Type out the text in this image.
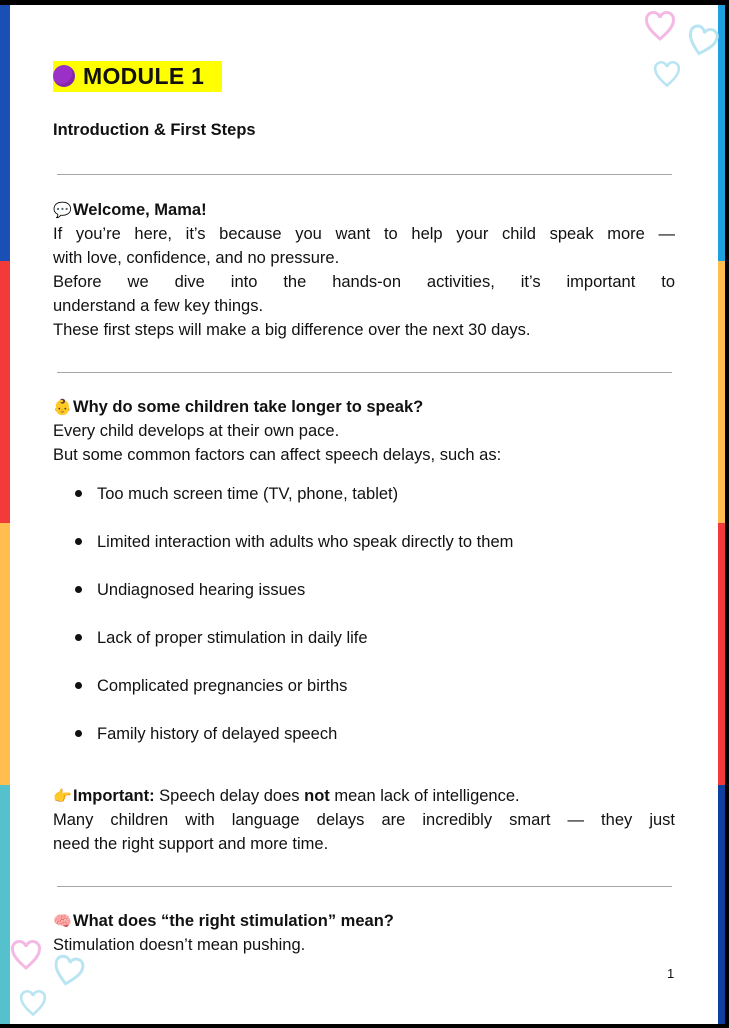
MODULE 1
Introduction & First Steps
💬Welcome, Mama!
If you’re here, it’s because you want to help your child speak more —
with love, confidence, and no pressure.
Before we dive into the hands-on activities, it’s important to
understand a few key things.
These first steps will make a big difference over the next 30 days.
👶Why do some children take longer to speak?
Every child develops at their own pace.
But some common factors can affect speech delays, such as:
Too much screen time (TV, phone, tablet)
Limited interaction with adults who speak directly to them
Undiagnosed hearing issues
Lack of proper stimulation in daily life
Complicated pregnancies or births
Family history of delayed speech
👉Important: Speech delay does not mean lack of intelligence.
Many children with language delays are incredibly smart — they just
need the right support and more time.
🧠What does “the right stimulation” mean?
Stimulation doesn’t mean pushing.
1
